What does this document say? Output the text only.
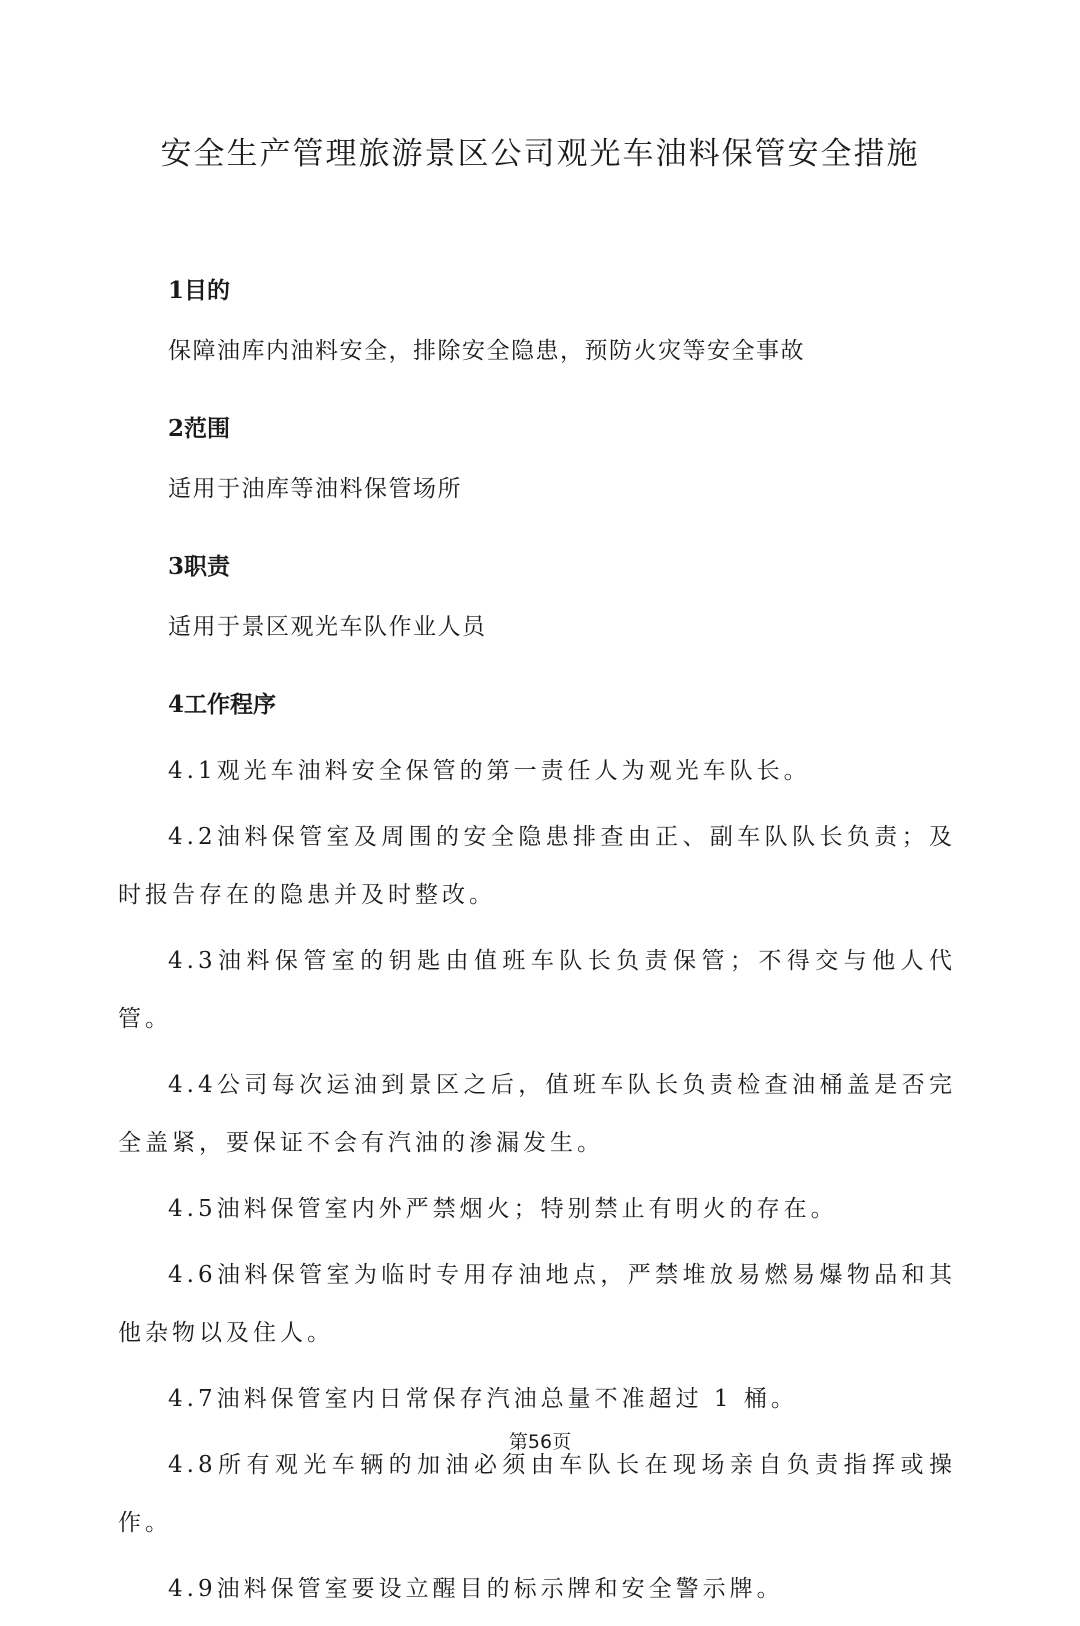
安全生产管理旅游景区公司观光车油料保管安全措施
1目的
保障油库内油料安全，排除安全隐患，预防火灾等安全事故
2范围
适用于油库等油料保管场所
3职责
适用于景区观光车队作业人员
4工作程序

4.1观光车油料安全保管的第一责任人为观光车队长。

4.2油料保管室及周围的安全隐患排查由正、副车队队长负责；及时报告存在的隐患并及时整改。

4.3油料保管室的钥匙由值班车队长负责保管；不得交与他人代管。

4.4公司每次运油到景区之后，值班车队长负责检查油桶盖是否完全盖紧，要保证不会有汽油的渗漏发生。

4.5油料保管室内外严禁烟火；特别禁止有明火的存在。

4.6油料保管室为临时专用存油地点，严禁堆放易燃易爆物品和其他杂物以及住人。

4.7油料保管室内日常保存汽油总量不准超过 1 桶。

4.8所有观光车辆的加油必须由车队长在现场亲自负责指挥或操作。

4.9油料保管室要设立醒目的标示牌和安全警示牌。

第56页
